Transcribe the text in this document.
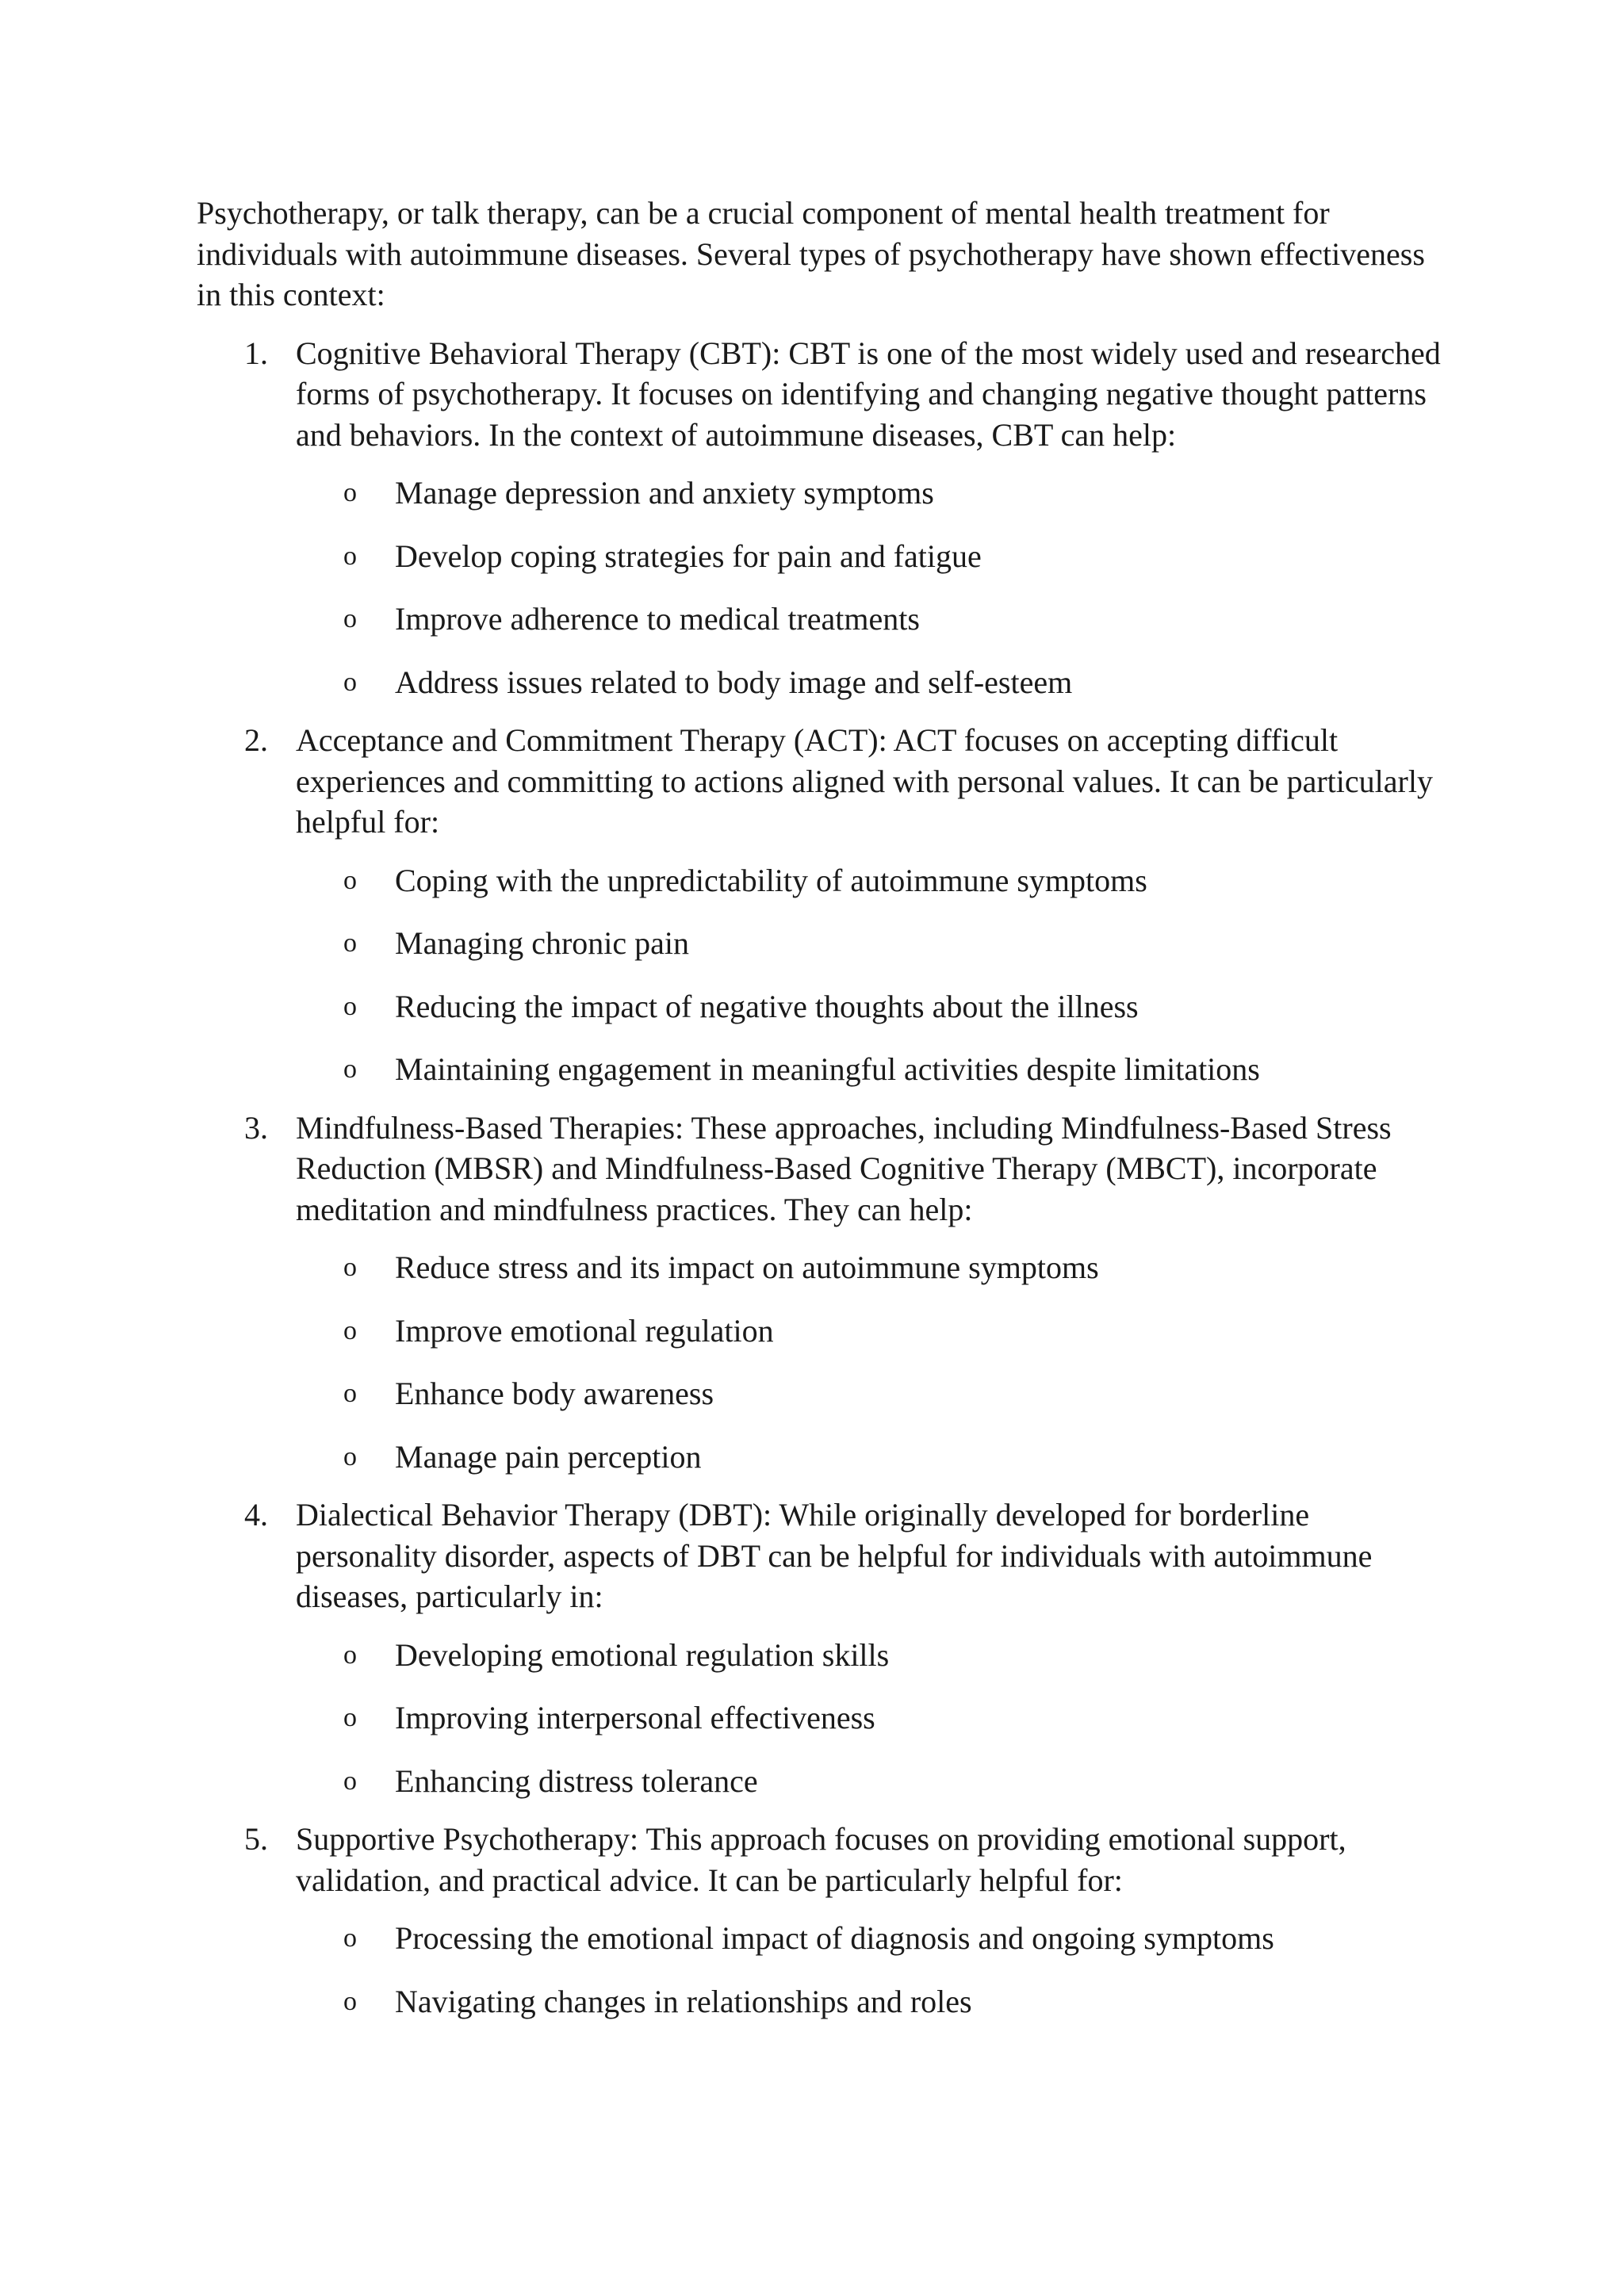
Psychotherapy, or talk therapy, can be a crucial component of mental health treatment for individuals with autoimmune diseases. Several types of psychotherapy have shown effectiveness in this context:

1. Cognitive Behavioral Therapy (CBT): CBT is one of the most widely used and researched forms of psychotherapy. It focuses on identifying and changing negative thought patterns and behaviors. In the context of autoimmune diseases, CBT can help:
o Manage depression and anxiety symptoms
o Develop coping strategies for pain and fatigue
o Improve adherence to medical treatments
o Address issues related to body image and self-esteem
2. Acceptance and Commitment Therapy (ACT): ACT focuses on accepting difficult experiences and committing to actions aligned with personal values. It can be particularly helpful for:
o Coping with the unpredictability of autoimmune symptoms
o Managing chronic pain
o Reducing the impact of negative thoughts about the illness
o Maintaining engagement in meaningful activities despite limitations
3. Mindfulness-Based Therapies: These approaches, including Mindfulness-Based Stress Reduction (MBSR) and Mindfulness-Based Cognitive Therapy (MBCT), incorporate meditation and mindfulness practices. They can help:
o Reduce stress and its impact on autoimmune symptoms
o Improve emotional regulation
o Enhance body awareness
o Manage pain perception
4. Dialectical Behavior Therapy (DBT): While originally developed for borderline personality disorder, aspects of DBT can be helpful for individuals with autoimmune diseases, particularly in:
o Developing emotional regulation skills
o Improving interpersonal effectiveness
o Enhancing distress tolerance
5. Supportive Psychotherapy: This approach focuses on providing emotional support, validation, and practical advice. It can be particularly helpful for:
o Processing the emotional impact of diagnosis and ongoing symptoms
o Navigating changes in relationships and roles
